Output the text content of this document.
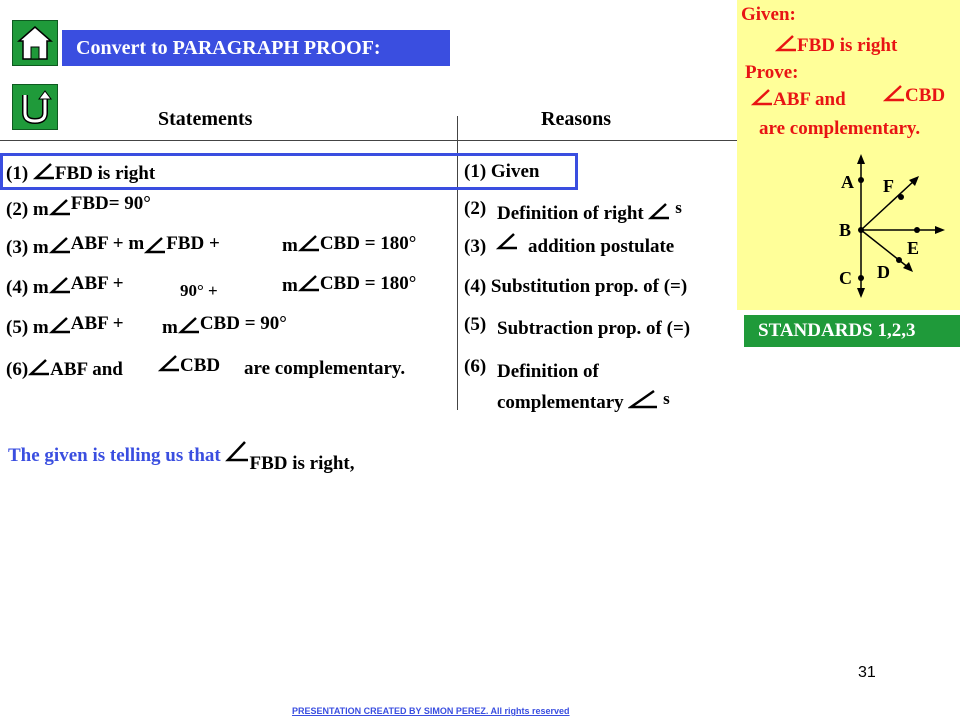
Convert to PARAGRAPH PROOF:
Statements	Reasons
(1) FBD is right	(1) Given
(2) m FBD= 90°	(2) Definition of right s
(3) m ABF + m FBD +	m CBD = 180°	(3) addition postulate
(4) m ABF +	90° +	m CBD = 180°	(4) Substitution prop. of (=)
(5) m ABF + m CBD = 90°	(5) Subtraction prop. of (=)
(6) ABF and	CBD are complementary.	(6) Definition of
complementary s
Given:
FBD is right
Prove:
ABF and	CBD
are complementary.
A F
B
E
C D
STANDARDS 1,2,3
The given is telling us that FBD is right,
31
PRESENTATION CREATED BY SIMON PEREZ. All rights reserved
